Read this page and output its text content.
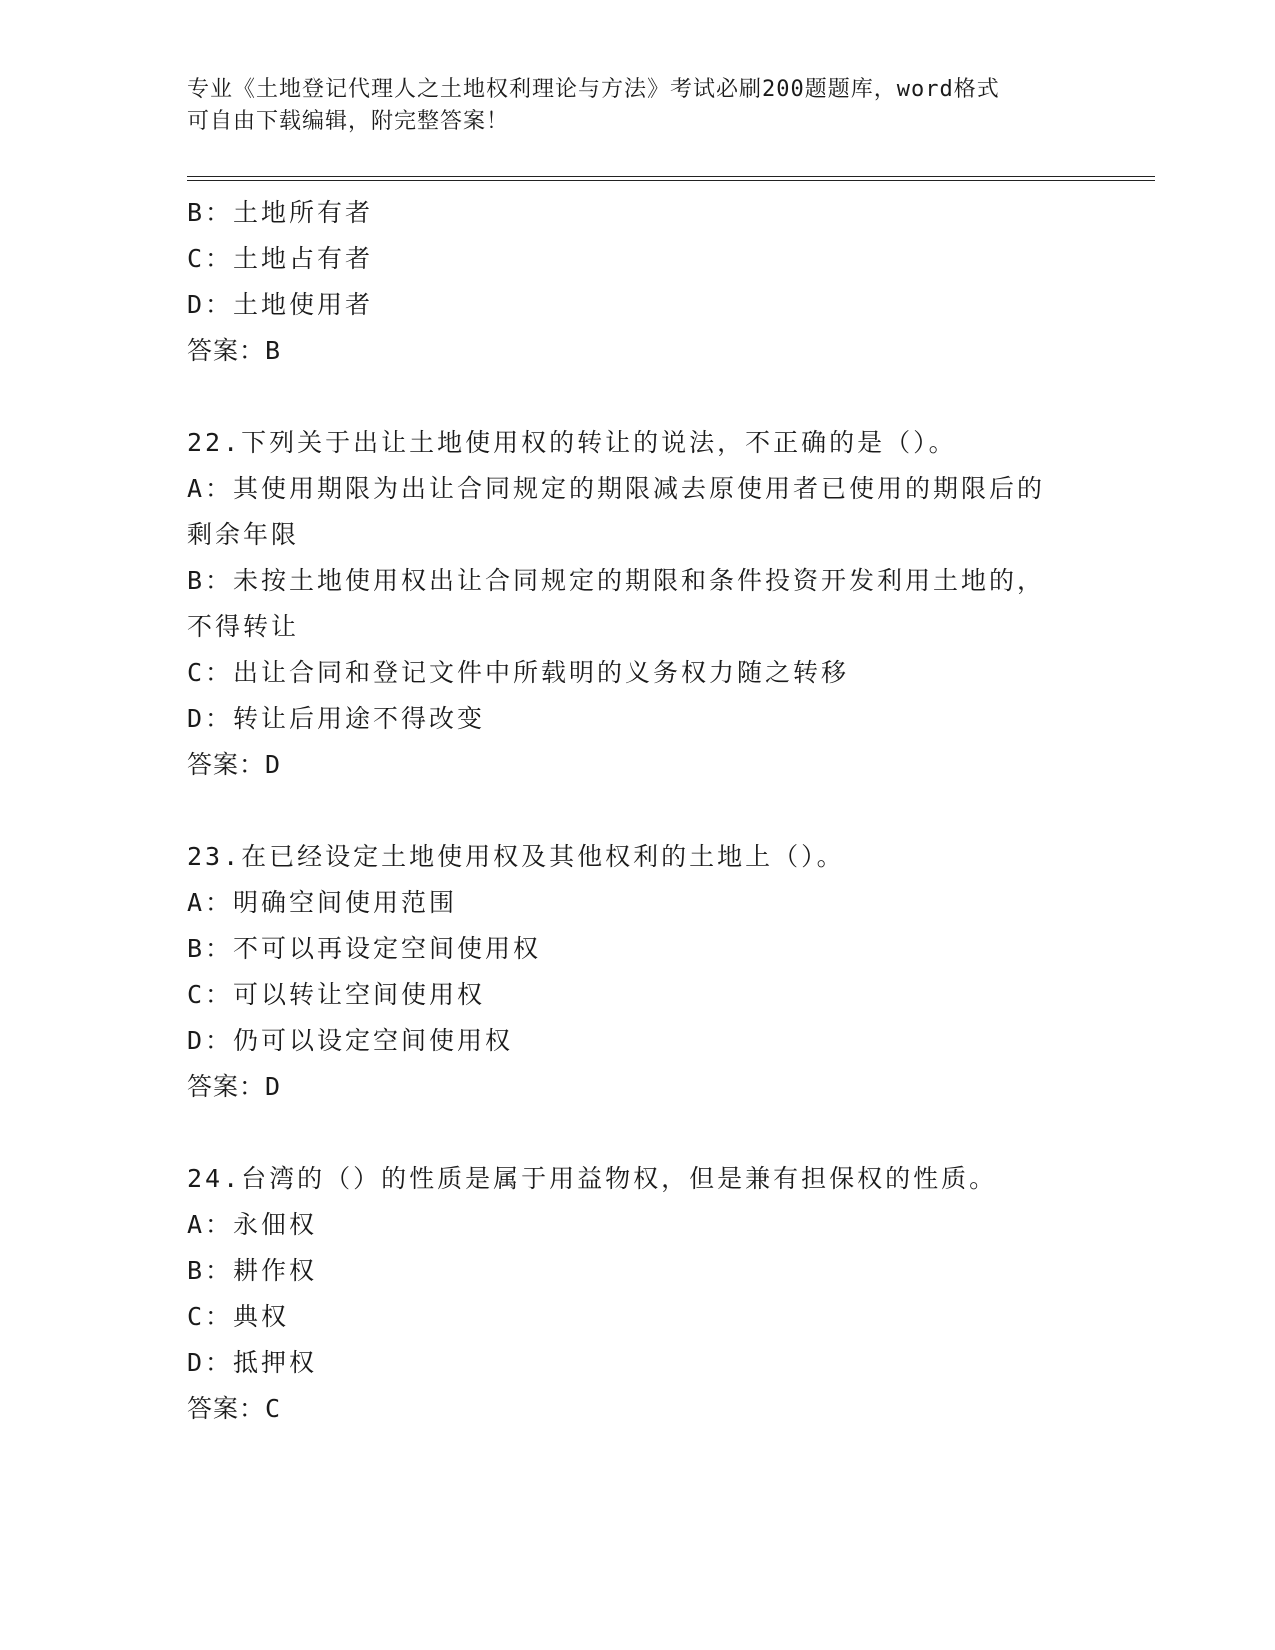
专业《土地登记代理人之土地权利理论与方法》考试必刷200题题库，word格式
可自由下载编辑，附完整答案！

B：土地所有者

C：土地占有者

D：土地使用者

答案：B

22.下列关于出让土地使用权的转让的说法，不正确的是（）。

A：其使用期限为出让合同规定的期限减去原使用者已使用的期限后的

剩余年限

B：未按土地使用权出让合同规定的期限和条件投资开发利用土地的，

不得转让

C：出让合同和登记文件中所载明的义务权力随之转移

D：转让后用途不得改变

答案：D

23.在已经设定土地使用权及其他权利的土地上（）。

A：明确空间使用范围

B：不可以再设定空间使用权

C：可以转让空间使用权

D：仍可以设定空间使用权

答案：D

24.台湾的（）的性质是属于用益物权，但是兼有担保权的性质。

A：永佃权

B：耕作权

C：典权

D：抵押权

答案：C
